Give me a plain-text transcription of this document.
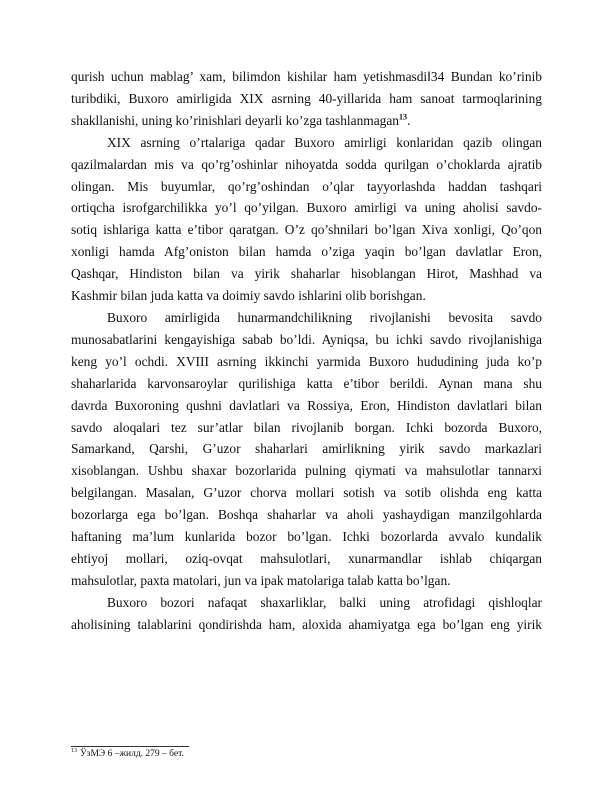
qurish uchun mablag’ xam, bilimdon kishilar ham yetishmasdi‖34 Bundan ko’rinib
turibdiki, Buxoro amirligida XIX asrning 40-yillarida ham sanoat tarmoqlarining
shakllanishi, uning ko’rinishlari deyarli ko’zga tashlanmagan$^{13}$.
XIX asrning o’rtalariga qadar Buxoro amirligi konlaridan qazib olingan
qazilmalardan mis va qo’rg’oshinlar nihoyatda sodda qurilgan o’choklarda ajratib
olingan. Mis buyumlar, qo’rg’oshindan o’qlar tayyorlashda haddan tashqari
ortiqcha isrofgarchilikka yo’l qo’yilgan. Buxoro amirligi va uning aholisi savdo-
sotiq ishlariga katta e’tibor qaratgan. O’z qo’shnilari bo’lgan Xiva xonligi, Qo’qon
xonligi hamda Afg’oniston bilan hamda o’ziga yaqin bo’lgan davlatlar Eron,
Qashqar, Hindiston bilan va yirik shaharlar hisoblangan Hirot, Mashhad va
Kashmir bilan juda katta va doimiy savdo ishlarini olib borishgan.
Buxoro amirligida hunarmandchilikning rivojlanishi bevosita savdo
munosabatlarini kengayishiga sabab bo’ldi. Ayniqsa, bu ichki savdo rivojlanishiga
keng yo’l ochdi. XVIII asrning ikkinchi yarmida Buxoro hududining juda ko’p
shaharlarida karvonsaroylar qurilishiga katta e’tibor berildi. Aynan mana shu
davrda Buxoroning qushni davlatlari va Rossiya, Eron, Hindiston davlatlari bilan
savdo aloqalari tez sur’atlar bilan rivojlanib borgan. Ichki bozorda Buxoro,
Samarkand, Qarshi, G’uzor shaharlari amirlikning yirik savdo markazlari
xisoblangan. Ushbu shaxar bozorlarida pulning qiymati va mahsulotlar tannarxi
belgilangan. Masalan, G’uzor chorva mollari sotish va sotib olishda eng katta
bozorlarga ega bo’lgan. Boshqa shaharlar va aholi yashaydigan manzilgohlarda
haftaning ma’lum kunlarida bozor bo’lgan. Ichki bozorlarda avvalo kundalik
ehtiyoj mollari, oziq-ovqat mahsulotlari, xunarmandlar ishlab chiqargan
mahsulotlar, paxta matolari, jun va ipak matolariga talab katta bo’lgan.
Buxoro bozori nafaqat shaxarliklar, balki uning atrofidagi qishloqlar
aholisining talablarini qondirishda ham, aloxida ahamiyatga ega bo’lgan eng yirik
$^{13}$ ЎзМЭ 6 –жилд. 279 – бет.
